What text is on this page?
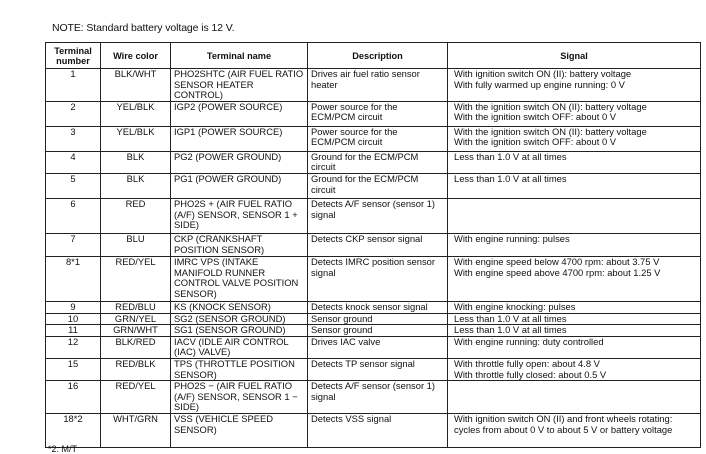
NOTE: Standard battery voltage is 12 V.
Terminal number	Wire color	Terminal name	Description	Signal
1	BLK/WHT	PHO2SHTC (AIR FUEL RATIO SENSOR HEATER CONTROL)	Drives air fuel ratio sensor heater	With ignition switch ON (II): battery voltage
With fully warmed up engine running: 0 V

2	YEL/BLK	IGP2 (POWER SOURCE)	Power source for the ECM/PCM circuit	With the ignition switch ON (II): battery voltage
With the ignition switch OFF: about 0 V

3	YEL/BLK	IGP1 (POWER SOURCE)	Power source for the ECM/PCM circuit	With the ignition switch ON (II): battery voltage
With the ignition switch OFF: about 0 V

4	BLK	PG2 (POWER GROUND)	Ground for the ECM/PCM circuit	Less than 1.0 V at all times

5	BLK	PG1 (POWER GROUND)	Ground for the ECM/PCM circuit	Less than 1.0 V at all times

6	RED	PHO2S + (AIR FUEL RATIO (A/F) SENSOR, SENSOR 1 + SIDE)	Detects A/F sensor (sensor 1) signal	
7	BLU	CKP (CRANKSHAFT POSITION SENSOR)	Detects CKP sensor signal	With engine running: pulses

8*1	RED/YEL	IMRC VPS (INTAKE MANIFOLD RUNNER CONTROL VALVE POSITION SENSOR)	Detects IMRC position sensor signal	With engine speed below 4700 rpm: about 3.75 V
With engine speed above 4700 rpm: about 1.25 V

9	RED/BLU	KS (KNOCK SENSOR)	Detects knock sensor signal	With engine knocking: pulses

10	GRN/YEL	SG2 (SENSOR GROUND)	Sensor ground	Less than 1.0 V at all times

11	GRN/WHT	SG1 (SENSOR GROUND)	Sensor ground	Less than 1.0 V at all times

12	BLK/RED	IACV (IDLE AIR CONTROL (IAC) VALVE)	Drives IAC valve	With engine running: duty controlled

15	RED/BLK	TPS (THROTTLE POSITION SENSOR)	Detects TP sensor signal	With throttle fully open: about 4.8 V
With throttle fully closed: about 0.5 V

16	RED/YEL	PHO2S − (AIR FUEL RATIO (A/F) SENSOR, SENSOR 1 − SIDE)	Detects A/F sensor (sensor 1) signal	
18*2	WHT/GRN	VSS (VEHICLE SPEED SENSOR)	Detects VSS signal	With ignition switch ON (II) and front wheels rotating: cycles from about 0 V to about 5 V or battery voltage
*2: M/T
